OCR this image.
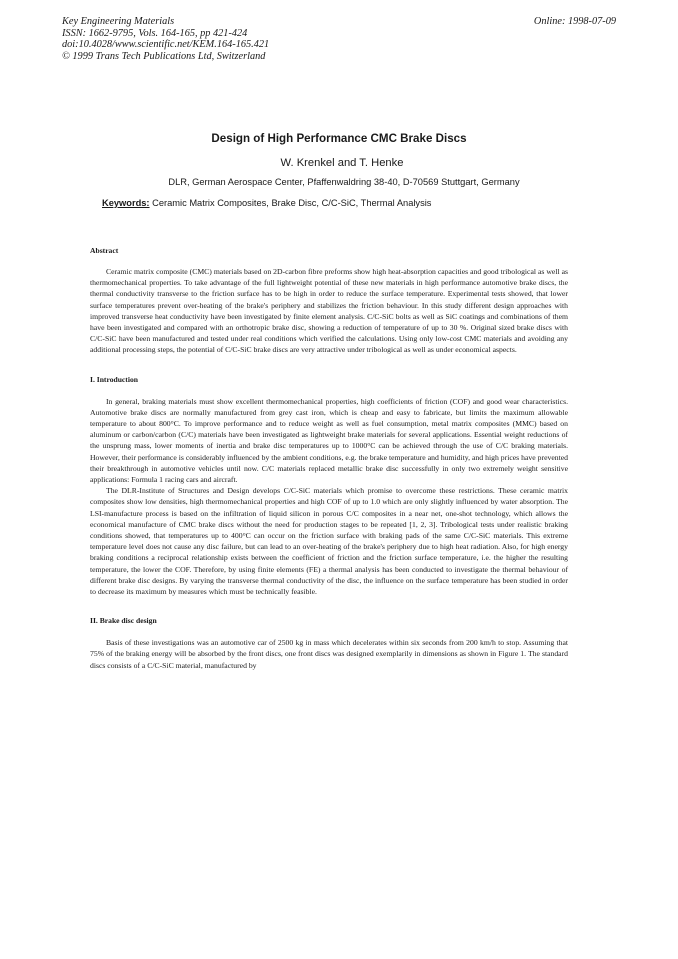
Key Engineering Materials
ISSN: 1662-9795, Vols. 164-165, pp 421-424
doi:10.4028/www.scientific.net/KEM.164-165.421
© 1999 Trans Tech Publications Ltd, Switzerland
Online: 1998-07-09
Design of High Performance CMC Brake Discs
W. Krenkel and T. Henke
DLR, German Aerospace Center, Pfaffenwaldring 38-40, D-70569 Stuttgart, Germany
Keywords: Ceramic Matrix Composites, Brake Disc, C/C-SiC, Thermal Analysis
Abstract

Ceramic matrix composite (CMC) materials based on 2D-carbon fibre preforms show high heat-absorption capacities and good tribological as well as thermomechanical properties. To take advantage of the full lightweight potential of these new materials in high performance automotive brake discs, the thermal conductivity transverse to the friction surface has to be high in order to reduce the surface temperature. Experimental tests showed, that lower surface temperatures prevent over-heating of the brake's periphery and stabilizes the friction behaviour. In this study different design approaches with improved transverse heat conductivity have been investigated by finite element analysis. C/C-SiC bolts as well as SiC coatings and combinations of them have been investigated and compared with an orthotropic brake disc, showing a reduction of temperature of up to 30 %. Original sized brake discs with C/C-SiC have been manufactured and tested under real conditions which verified the calculations. Using only low-cost CMC materials and avoiding any additional processing steps, the potential of C/C-SiC brake discs are very attractive under tribological as well as under economical aspects.

I. Introduction

In general, braking materials must show excellent thermomechanical properties, high coefficients of friction (COF) and good wear characteristics. Automotive brake discs are normally manufactured from grey cast iron, which is cheap and easy to fabricate, but limits the maximum allowable temperature to about 800°C. To improve performance and to reduce weight as well as fuel consumption, metal matrix composites (MMC) based on aluminum or carbon/carbon (C/C) materials have been investigated as lightweight brake materials for several applications. Essential weight reductions of the unsprung mass, lower moments of inertia and brake disc temperatures up to 1000°C can be achieved through the use of C/C braking materials. However, their performance is considerably influenced by the ambient conditions, e.g. the brake temperature and humidity, and high prices have prevented their breakthrough in automotive vehicles until now. C/C materials replaced metallic brake disc successfully in only two extremely weight sensitive applications: Formula 1 racing cars and aircraft.

The DLR-Institute of Structures and Design develops C/C-SiC materials which promise to overcome these restrictions. These ceramic matrix composites show low densities, high thermomechanical properties and high COF of up to 1.0 which are only slightly influenced by water absorption. The LSI-manufacture process is based on the infiltration of liquid silicon in porous C/C composites in a near net, one-shot technology, which allows the economical manufacture of CMC brake discs without the need for production stages to be repeated [1, 2, 3]. Tribological tests under realistic braking conditions showed, that temperatures up to 400°C can occur on the friction surface with braking pads of the same C/C-SiC materials. This extreme temperature level does not cause any disc failure, but can lead to an over-heating of the brake's periphery due to high heat radiation. Also, for high energy braking conditions a reciprocal relationship exists between the coefficient of friction and the friction surface temperature, i.e. the higher the resulting temperature, the lower the COF. Therefore, by using finite elements (FE) a thermal analysis has been conducted to investigate the thermal behaviour of different brake disc designs. By varying the transverse thermal conductivity of the disc, the influence on the surface temperature has been studied in order to decrease its maximum by measures which must be technically feasible.

II. Brake disc design

Basis of these investigations was an automotive car of 2500 kg in mass which decelerates within six seconds from 200 km/h to stop. Assuming that 75% of the braking energy will be absorbed by the front discs, one front discs was designed exemplarily in dimensions as shown in Figure 1. The standard discs consists of a C/C-SiC material, manufactured by
